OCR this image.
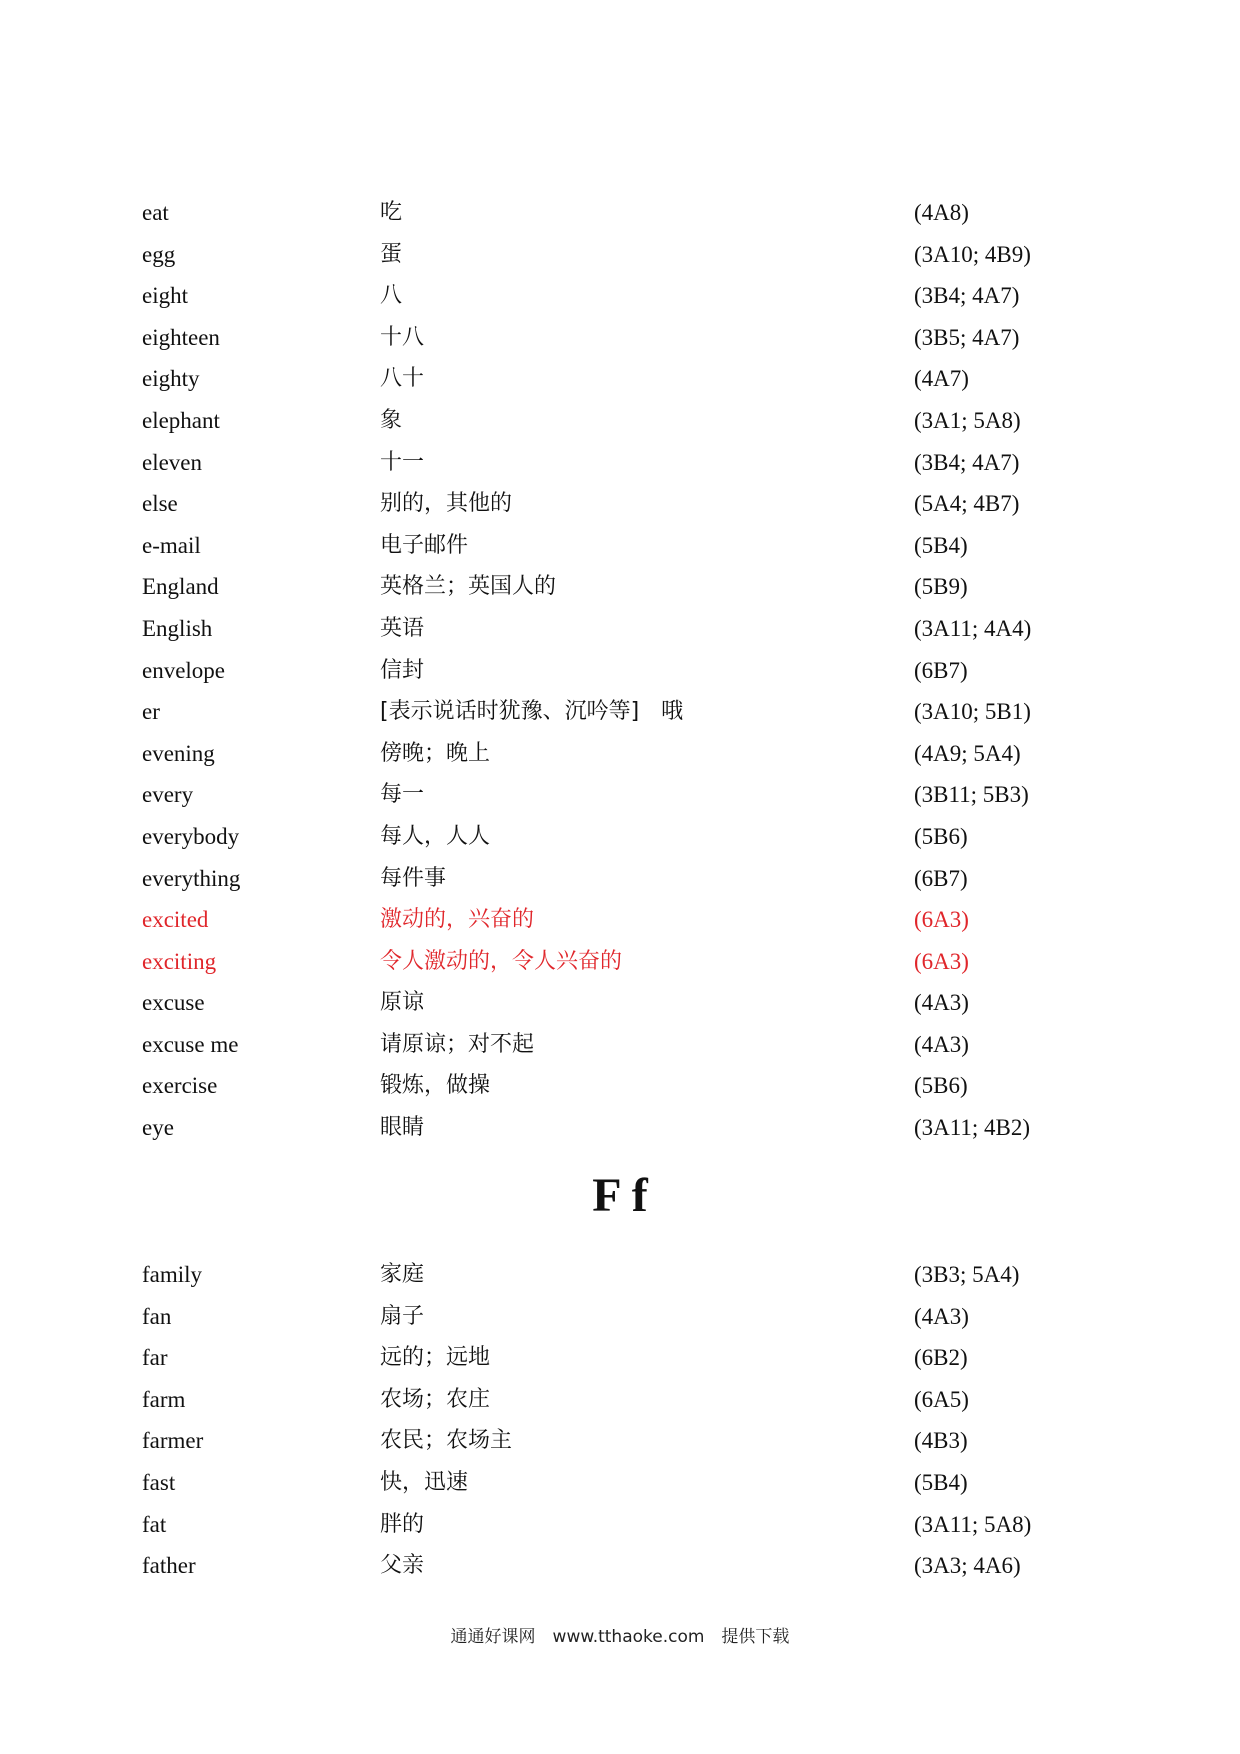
eat	吃	(4A8)
egg	蛋	(3A10; 4B9)
eight	八	(3B4; 4A7)
eighteen	十八	(3B5; 4A7)
eighty	八十	(4A7)
elephant	象	(3A1; 5A8)
eleven	十一	(3B4; 4A7)
else	别的，其他的	(5A4; 4B7)
e-mail	电子邮件	(5B4)
England	英格兰；英国人的	(5B9)
English	英语	(3A11; 4A4)
envelope	信封	(6B7)
er	[表示说话时犹豫、沉吟等]　哦	(3A10; 5B1)
evening	傍晚；晚上	(4A9; 5A4)
every	每一	(3B11; 5B3)
everybody	每人，人人	(5B6)
everything	每件事	(6B7)
excited	激动的，兴奋的	(6A3)
exciting	令人激动的，令人兴奋的	(6A3)
excuse	原谅	(4A3)
excuse me	请原谅；对不起	(4A3)
exercise	锻炼，做操	(5B6)
eye	眼睛	(3A11; 4B2)
F f
family	家庭	(3B3; 5A4)
fan	扇子	(4A3)
far	远的；远地	(6B2)
farm	农场；农庄	(6A5)
farmer	农民；农场主	(4B3)
fast	快，迅速	(5B4)
fat	胖的	(3A11; 5A8)
father	父亲	(3A3; 4A6)
通通好课网　www.tthaoke.com　提供下载
